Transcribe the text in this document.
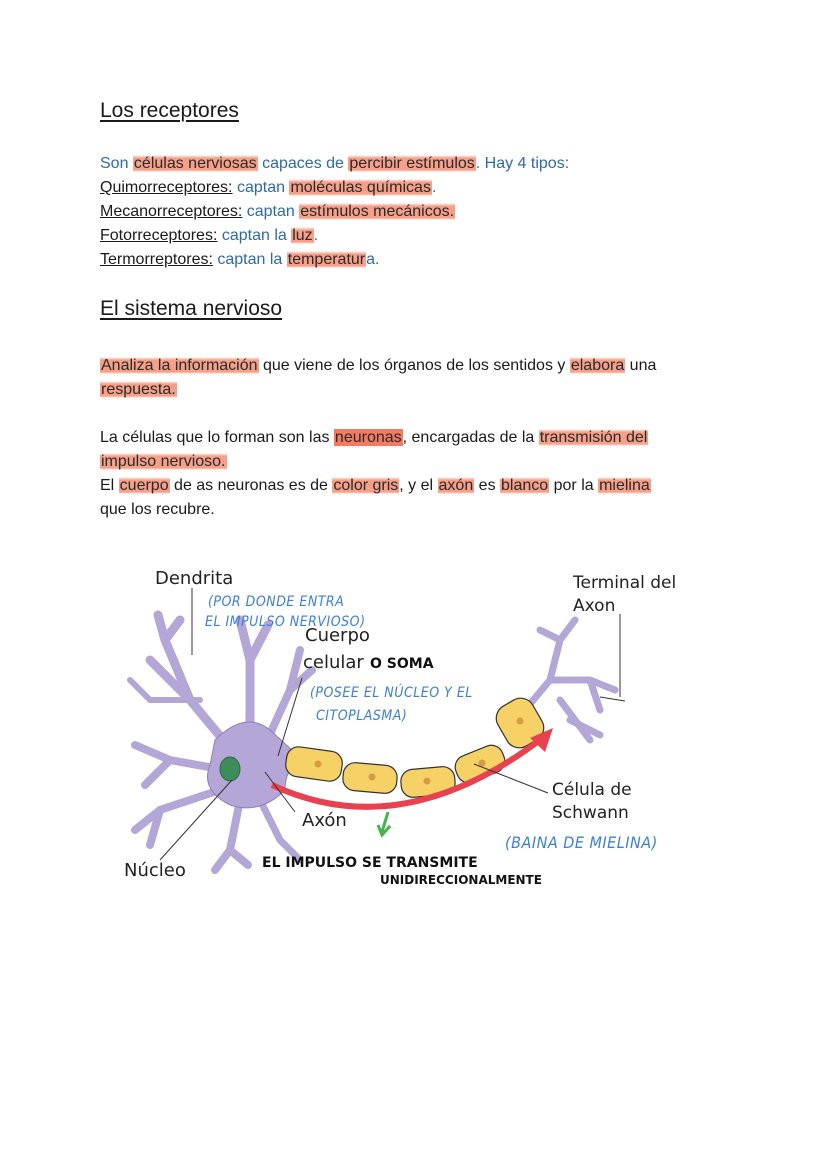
Los receptores
Son células nerviosas capaces de percibir estímulos. Hay 4 tipos:
Quimorreceptores: captan moléculas químicas.
Mecanorreceptores: captan estímulos mecánicos.
Fotorreceptores: captan la luz.
Termorreptores: captan la temperatura.
El sistema nervioso
Analiza la información que viene de los órganos de los sentidos y elabora una
respuesta.
La células que lo forman son las neuronas, encargadas de la transmisión del
impulso nervioso.
El cuerpo de as neuronas es de color gris, y el axón es blanco por la mielina
que los recubre.
Dendrita
(POR DONDE ENTRA
EL IMPULSO NERVIOSO)
Cuerpo
celular O SOMA
(POSEE EL NÚCLEO Y EL
CITOPLASMA)
Terminal del
Axon
Célula de
Schwann
(BAINA DE MIELINA)
Axón
Núcleo	EL IMPULSO SE TRANSMITE
UNIDIRECCIONALMENTE
